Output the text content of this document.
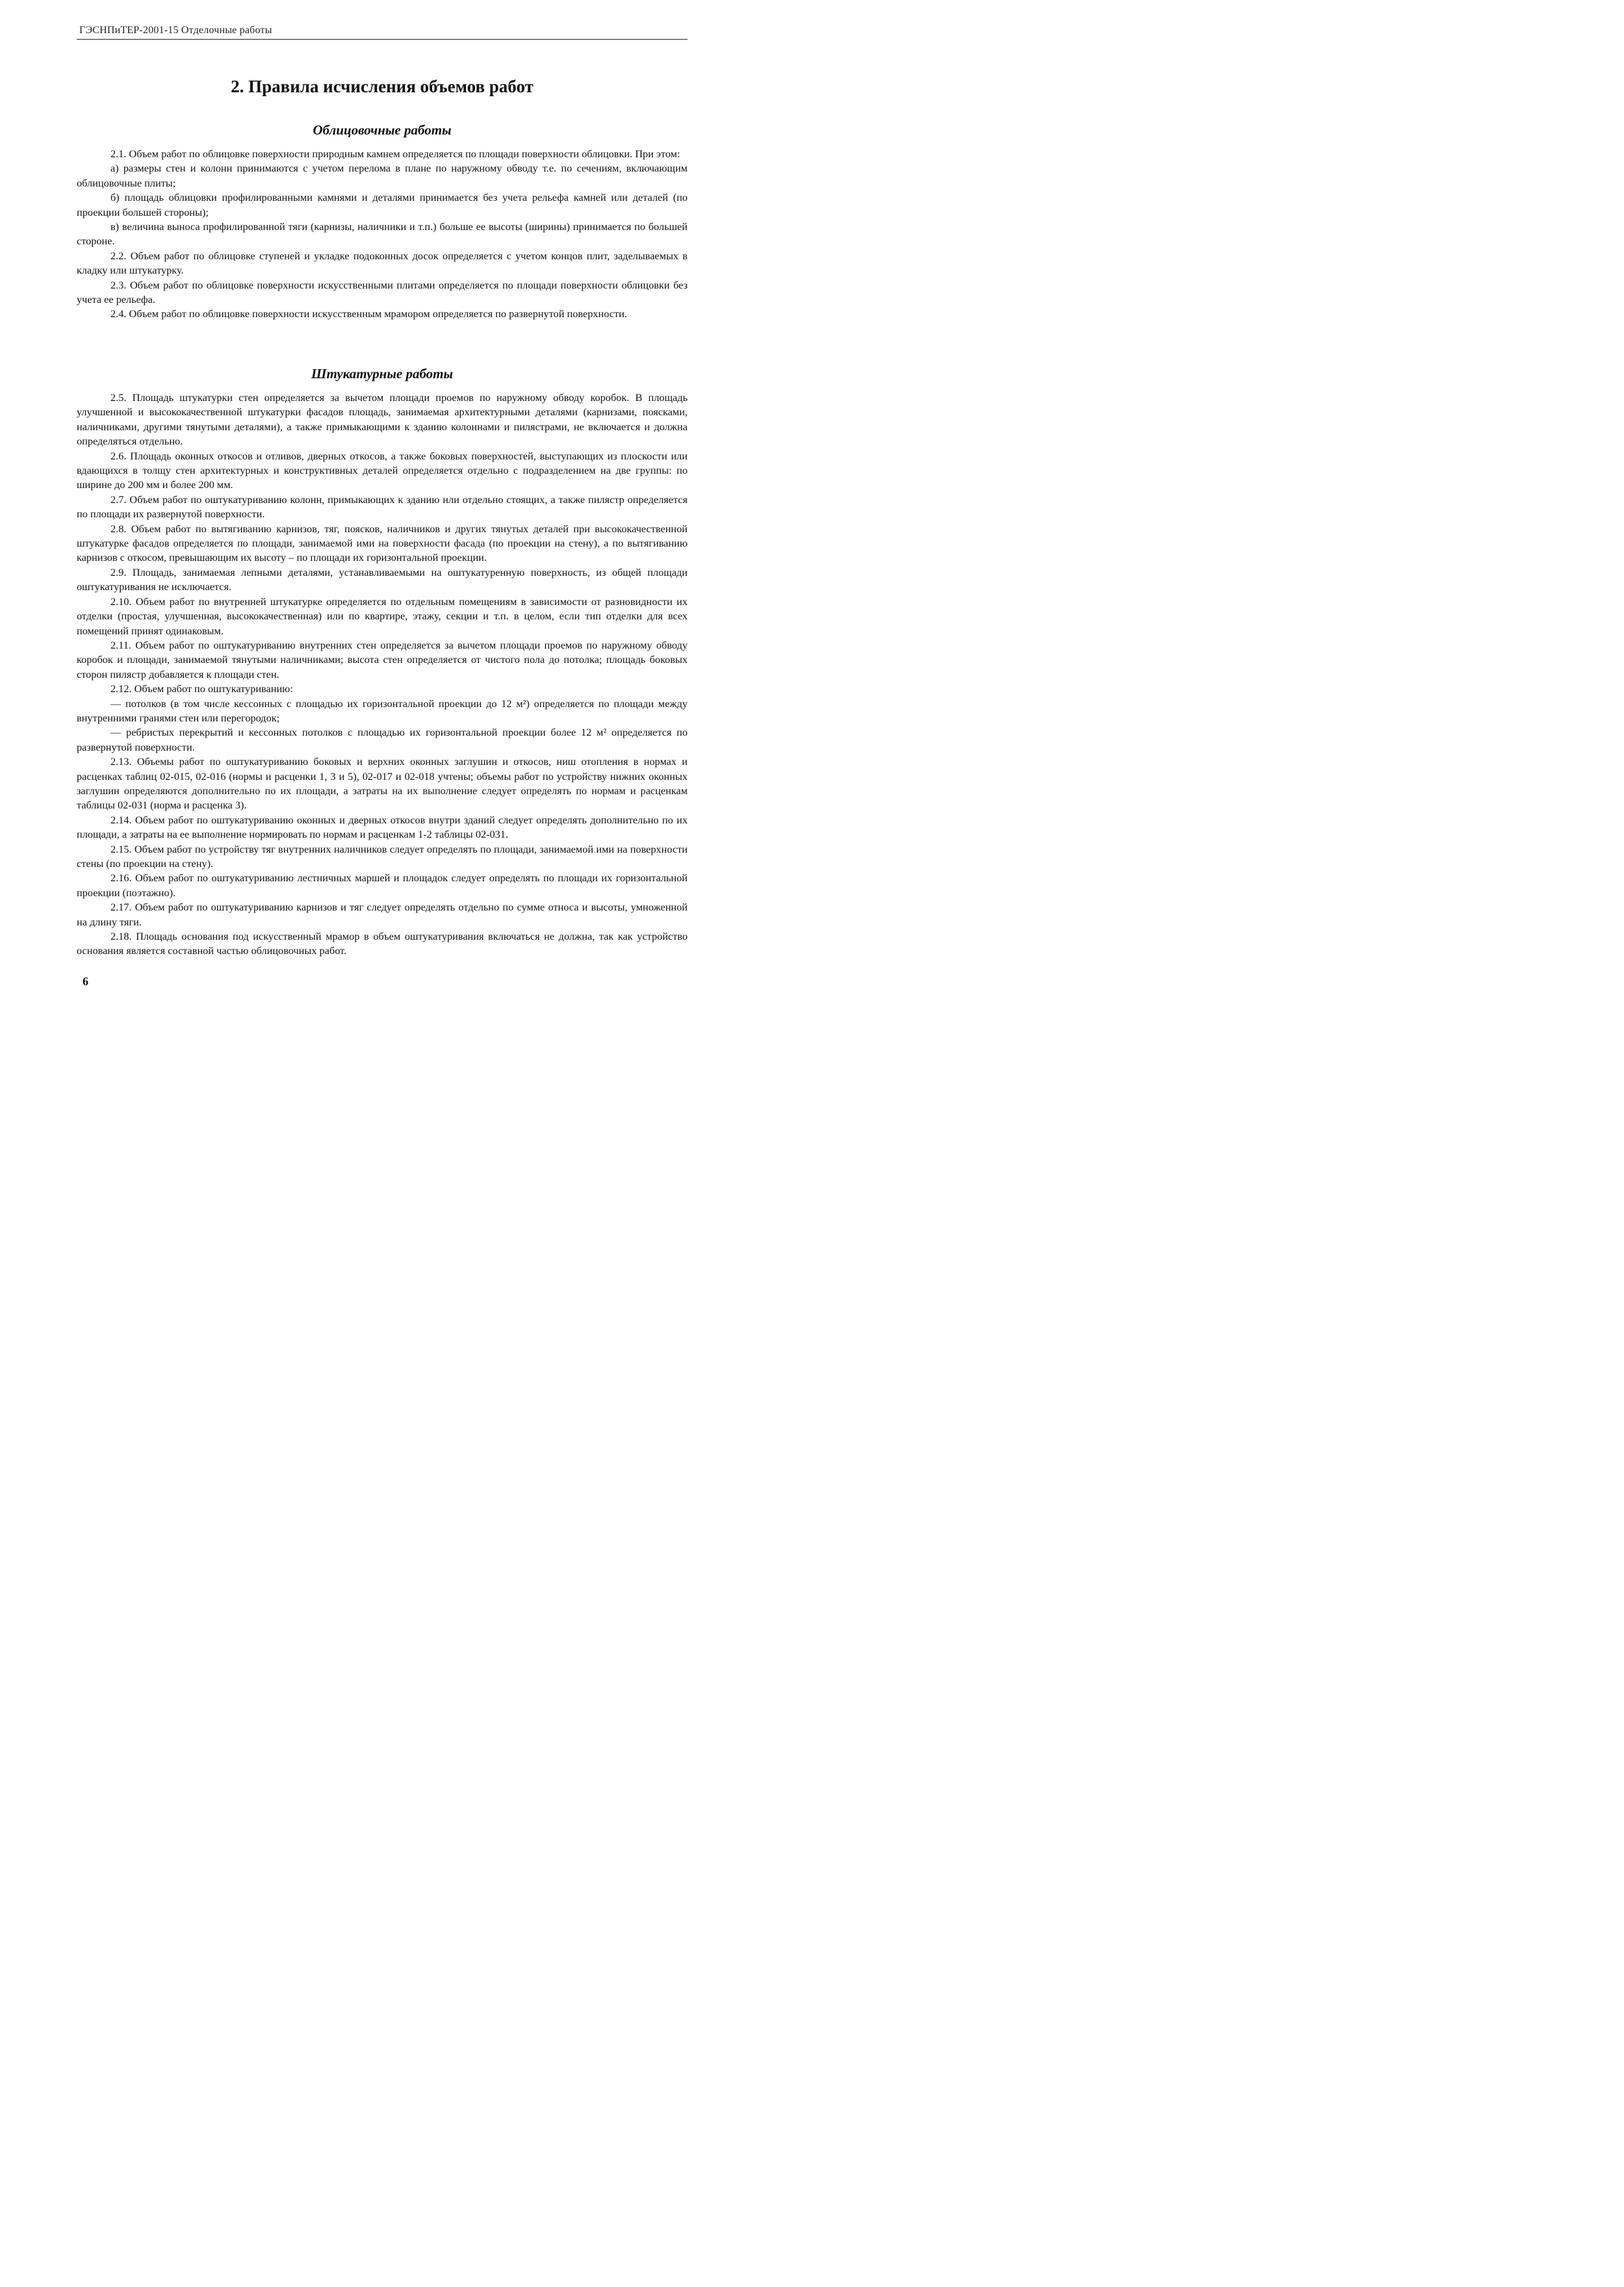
ГЭСНПиТЕР-2001-15 Отделочные работы
2. Правила исчисления объемов работ
Облицовочные работы

2.1. Объем работ по облицовке поверхности природным камнем определяется по площади поверхности облицовки. При этом:

а) размеры стен и колонн принимаются с учетом перелома в плане по наружному обводу т.е. по сечениям, включающим облицовочные плиты;

б) площадь облицовки профилированными камнями и деталями принимается без учета рельефа камней или деталей (по проекции большей стороны);

в) величина выноса профилированной тяги (карнизы, наличники и т.п.) больше ее высоты (ширины) принимается по большей стороне.

2.2. Объем работ по облицовке ступеней и укладке подоконных досок определяется с учетом концов плит, заделываемых в кладку или штукатурку.

2.3. Объем работ по облицовке поверхности искусственными плитами определяется по площади поверхности облицовки без учета ее рельефа.

2.4. Объем работ по облицовке поверхности искусственным мрамором определяется по развернутой поверхности.

Штукатурные работы

2.5. Площадь штукатурки стен определяется за вычетом площади проемов по наружному обводу коробок. В площадь улучшенной и высококачественной штукатурки фасадов площадь, занимаемая архитектурными деталями (карнизами, поясками, наличниками, другими тянутыми деталями), а также примыкающими к зданию колоннами и пилястрами, не включается и должна определяться отдельно.

2.6. Площадь оконных откосов и отливов, дверных откосов, а также боковых поверхностей, выступающих из плоскости или вдающихся в толщу стен архитектурных и конструктивных деталей определяется отдельно с подразделением на две группы: по ширине до 200 мм и более 200 мм.

2.7. Объем работ по оштукатуриванию колонн, примыкающих к зданию или отдельно стоящих, а также пилястр определяется по площади их развернутой поверхности.

2.8. Объем работ по вытягиванию карнизов, тяг, поясков, наличников и других тянутых деталей при высококачественной штукатурке фасадов определяется по площади, занимаемой ими на поверхности фасада (по проекции на стену), а по вытягиванию карнизов с откосом, превышающим их высоту – по площади их горизонтальной проекции.

2.9. Площадь, занимаемая лепными деталями, устанавливаемыми на оштукатуренную поверхность, из общей площади оштукатуривания не исключается.

2.10. Объем работ по внутренней штукатурке определяется по отдельным помещениям в зависимости от разновидности их отделки (простая, улучшенная, высококачественная) или по квартире, этажу, секции и т.п. в целом, если тип отделки для всех помещений принят одинаковым.

2.11. Объем работ по оштукатуриванию внутренних стен определяется за вычетом площади проемов по наружному обводу коробок и площади, занимаемой тянутыми наличниками; высота стен определяется от чистого пола до потолка; площадь боковых сторон пилястр добавляется к площади стен.

2.12. Объем работ по оштукатуриванию:

— потолков (в том числе кессонных с площадью их горизонтальной проекции до 12 м²) определяется по площади между внутренними гранями стен или перегородок;

— ребристых перекрытий и кессонных потолков с площадью их горизонтальной проекции более 12 м² определяется по развернутой поверхности.

2.13. Объемы работ по оштукатуриванию боковых и верхних оконных заглушин и откосов, ниш отопления в нормах и расценках таблиц 02-015, 02-016 (нормы и расценки 1, 3 и 5), 02-017 и 02-018 учтены; объемы работ по устройству нижних оконных заглушин определяются дополнительно по их площади, а затраты на их выполнение следует определять по нормам и расценкам таблицы 02-031 (норма и расценка 3).

2.14. Объем работ по оштукатуриванию оконных и дверных откосов внутри зданий следует определять дополнительно по их площади, а затраты на ее выполнение нормировать по нормам и расценкам 1-2 таблицы 02-031.

2.15. Объем работ по устройству тяг внутренних наличников следует определять по площади, занимаемой ими на поверхности стены (по проекции на стену).

2.16. Объем работ по оштукатуриванию лестничных маршей и площадок следует определять по площади их горизонтальной проекции (поэтажно).

2.17. Объем работ по оштукатуриванию карнизов и тяг следует определять отдельно по сумме относа и высоты, умноженной на длину тяги.

2.18. Площадь основания под искусственный мрамор в объем оштукатуривания включаться не должна, так как устройство основания является составной частью облицовочных работ.

6
